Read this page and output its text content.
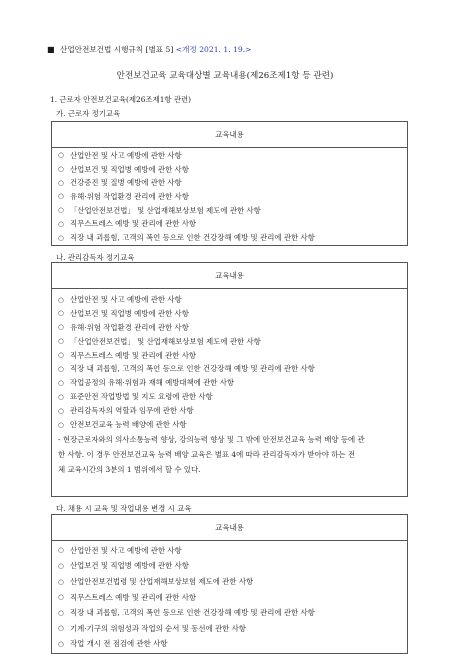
■ 산업안전보건법 시행규칙 [별표 5] <개정 2021. 1. 19.>
안전보건교육 교육대상별 교육내용(제26조제1항 등 관련)
1. 근로자 안전보건교육(제26조제1항 관련)
가. 근로자 정기교육
교육내용
○ 산업안전 및 사고 예방에 관한 사항
○ 산업보건 및 직업병 예방에 관한 사항
○ 건강증진 및 질병 예방에 관한 사항
○ 유해·위험 작업환경 관리에 관한 사항
○ 「산업안전보건법」 및 산업재해보상보험 제도에 관한 사항
○ 직무스트레스 예방 및 관리에 관한 사항
○ 직장 내 괴롭힘, 고객의 폭언 등으로 인한 건강장해 예방 및 관리에 관한 사항
나. 관리감독자 정기교육
교육내용
○ 산업안전 및 사고 예방에 관한 사항
○ 산업보건 및 직업병 예방에 관한 사항
○ 유해·위험 작업환경 관리에 관한 사항
○ 「산업안전보건법」 및 산업재해보상보험 제도에 관한 사항
○ 직무스트레스 예방 및 관리에 관한 사항
○ 직장 내 괴롭힘, 고객의 폭언 등으로 인한 건강장해 예방 및 관리에 관한 사항
○ 작업공정의 유해·위험과 재해 예방대책에 관한 사항
○ 표준안전 작업방법 및 지도 요령에 관한 사항
○ 관리감독자의 역할과 임무에 관한 사항
○ 안전보건교육 능력 배양에 관한 사항
- 현장근로자와의 의사소통능력 향상, 강의능력 향상 및 그 밖에 안전보건교육 능력 배양 등에 관
한 사항. 이 경우 안전보건교육 능력 배양 교육은 별표 4에 따라 관리감독자가 받아야 하는 전
체 교육시간의 3분의 1 범위에서 할 수 있다.
다. 채용 시 교육 및 작업내용 변경 시 교육
교육내용
○ 산업안전 및 사고 예방에 관한 사항
○ 산업보건 및 직업병 예방에 관한 사항
○ 산업안전보건법령 및 산업재해보상보험 제도에 관한 사항
○ 직무스트레스 예방 및 관리에 관한 사항
○ 직장 내 괴롭힘, 고객의 폭언 등으로 인한 건강장해 예방 및 관리에 관한 사항
○ 기계·기구의 위험성과 작업의 순서 및 동선에 관한 사항
○ 작업 개시 전 점검에 관한 사항
